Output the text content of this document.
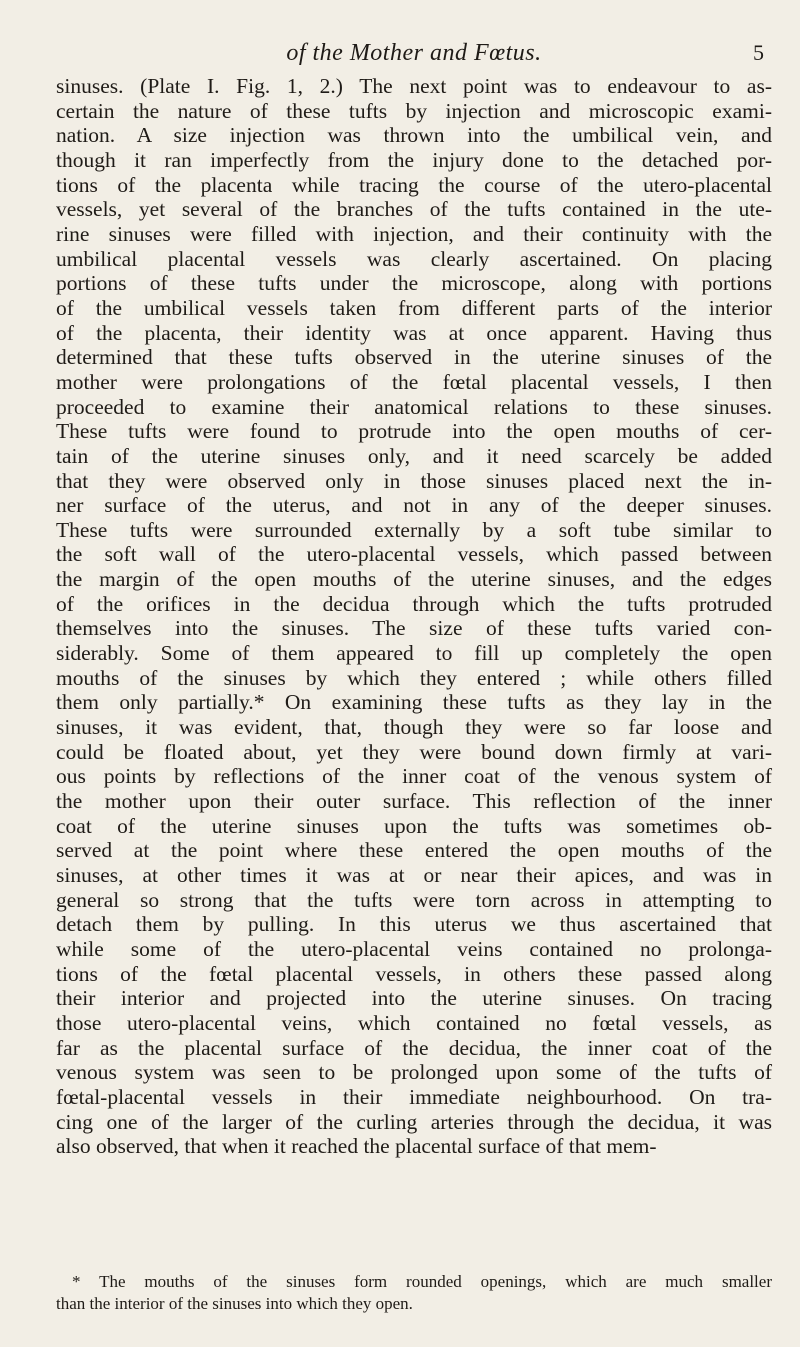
of the Mother and Fœtus.	5
sinuses. (Plate I. Fig. 1, 2.) The next point was to endeavour to as-
certain the nature of these tufts by injection and microscopic exami-
nation. A size injection was thrown into the umbilical vein, and
though it ran imperfectly from the injury done to the detached por-
tions of the placenta while tracing the course of the utero-placental
vessels, yet several of the branches of the tufts contained in the ute-
rine sinuses were filled with injection, and their continuity with the
umbilical placental vessels was clearly ascertained. On placing
portions of these tufts under the microscope, along with portions
of the umbilical vessels taken from different parts of the interior
of the placenta, their identity was at once apparent. Having thus
determined that these tufts observed in the uterine sinuses of the
mother were prolongations of the fœtal placental vessels, I then
proceeded to examine their anatomical relations to these sinuses.
These tufts were found to protrude into the open mouths of cer-
tain of the uterine sinuses only, and it need scarcely be added
that they were observed only in those sinuses placed next the in-
ner surface of the uterus, and not in any of the deeper sinuses.
These tufts were surrounded externally by a soft tube similar to
the soft wall of the utero-placental vessels, which passed between
the margin of the open mouths of the uterine sinuses, and the edges
of the orifices in the decidua through which the tufts protruded
themselves into the sinuses. The size of these tufts varied con-
siderably. Some of them appeared to fill up completely the open
mouths of the sinuses by which they entered ; while others filled
them only partially.* On examining these tufts as they lay in the
sinuses, it was evident, that, though they were so far loose and
could be floated about, yet they were bound down firmly at vari-
ous points by reflections of the inner coat of the venous system of
the mother upon their outer surface. This reflection of the inner
coat of the uterine sinuses upon the tufts was sometimes ob-
served at the point where these entered the open mouths of the
sinuses, at other times it was at or near their apices, and was in
general so strong that the tufts were torn across in attempting to
detach them by pulling. In this uterus we thus ascertained that
while some of the utero-placental veins contained no prolonga-
tions of the fœtal placental vessels, in others these passed along
their interior and projected into the uterine sinuses. On tracing
those utero-placental veins, which contained no fœtal vessels, as
far as the placental surface of the decidua, the inner coat of the
venous system was seen to be prolonged upon some of the tufts of
fœtal-placental vessels in their immediate neighbourhood. On tra-
cing one of the larger of the curling arteries through the decidua, it was
also observed, that when it reached the placental surface of that mem-
* The mouths of the sinuses form rounded openings, which are much smaller
than the interior of the sinuses into which they open.
